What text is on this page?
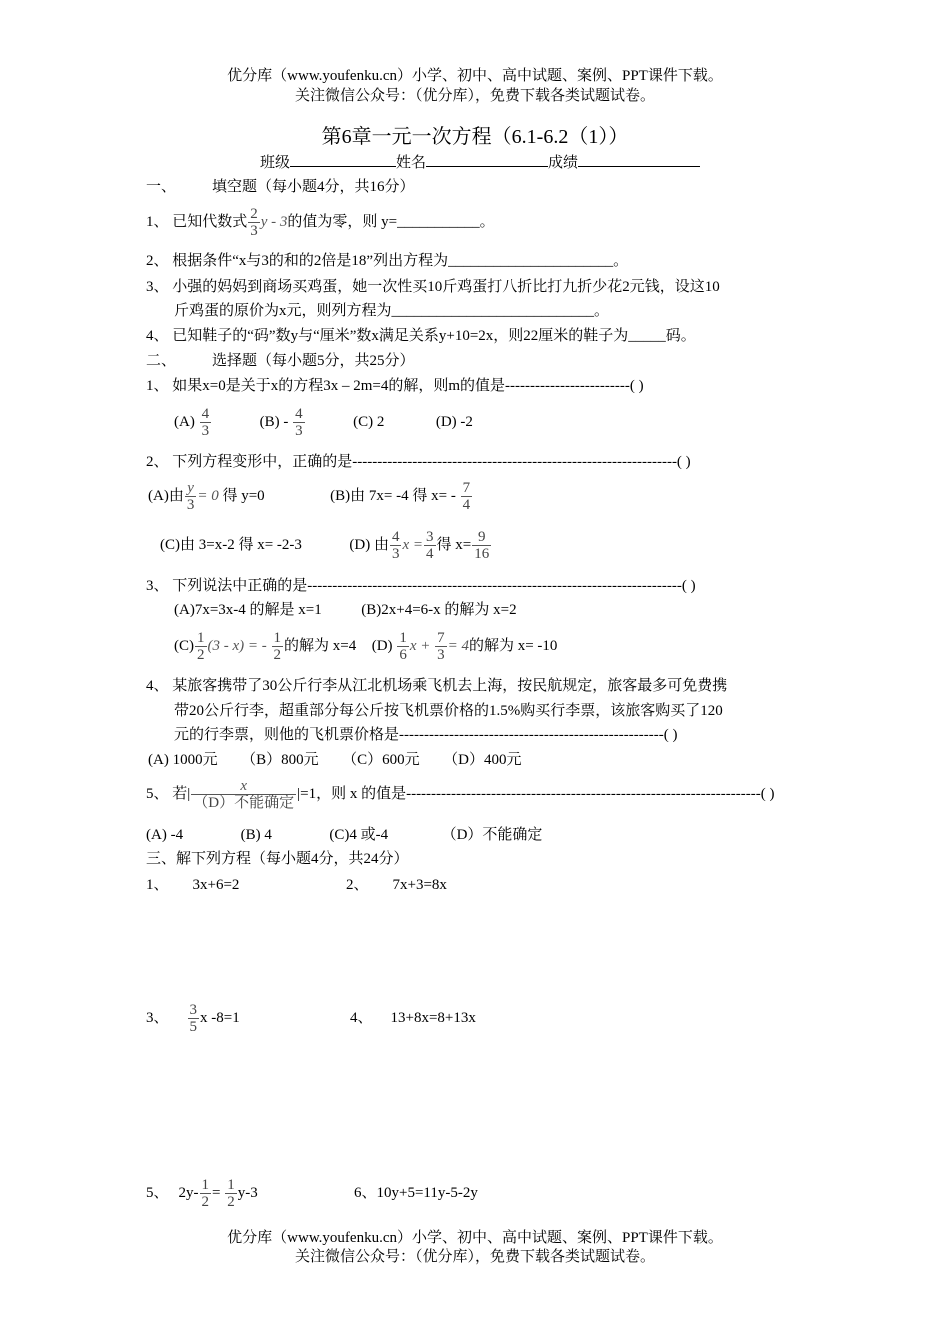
优分库（www.youfenku.cn）小学、初中、高中试题、案例、PPT课件下载。
关注微信公众号：（优分库），免费下载各类试题试卷。
第6章一元一次方程（6.1-6.2（1））
班级	姓名	成绩
一、 填空题（每小题4分，共16分）
1、 已知代数式 $\frac{2}{3}$ y - 3的值为零，则 y=___________。
2、 根据条件“x与3的和的2倍是18”列出方程为______________________。
3、 小强的妈妈到商场买鸡蛋，她一次性买10斤鸡蛋打八折比打九折少花2元钱，设这10
斤鸡蛋的原价为x元，则列方程为___________________________。
4、 已知鞋子的“码”数y与“厘米”数x满足关系y+10=2x，则22厘米的鞋子为_____码。
二、 选择题（每小题5分，共25分）
1、 如果x=0是关于x的方程3x – 2m=4的解，则m的值是-------------------------( )
$(A) \frac{4}{3}$	$(B) - \frac{4}{3}$	(C) 2	(D) -2
2、 下列方程变形中，正确的是-----------------------------------------------------------------( )
(A)由 $\frac{y}{3} = 0$ 得 y=0	(B)由 7x= -4 得 $x= - \frac{7}{4}$
(C)由 3=x-2 得 x= -2-3	(D) 由 $\frac{4}{3}$ $x = \frac{3}{4}$ 得 $x= \frac{9}{16}$
3、 下列说法中正确的是---------------------------------------------------------------------------( )
(A)7x=3x-4 的解是 x=1	(B)2x+4=6-x 的解为 x=2
$(C) \frac{1}{2} (3 - x)$ = - $\frac{1}{2}$ 的解为 x=4 $(D) \frac{1}{6}$ $x + \frac{7}{3} = 4$的解为 x= -10
4、 某旅客携带了30公斤行李从江北机场乘飞机去上海，按民航规定，旅客最多可免费携
带20公斤行李，超重部分每公斤按飞机票价格的1.5%购买行李票，该旅客购买了120
元的行李票，则他的飞机票价格是-----------------------------------------------------( )
(A) 1000元 （B）800元 （C）600元 （D）400元
5、 若|	x
（D）不能确定
|=1，则 x 的值是-----------------------------------------------------------------------( )
(A) -4	(B) 4	(C)4 或-4	（D）不能确定
三、解下列方程（每小题4分，共24分）
1、 3x+6=2	2、 7x+3=8x
3、 $\frac{3}{5}$ x -8=1	4、 13+8x=8+13x
5、 $2y- \frac{1}{2} = \frac{1}{2} y-3$	6、10y+5=11y-5-2y
优分库（www.youfenku.cn）小学、初中、高中试题、案例、PPT课件下载。
关注微信公众号：（优分库），免费下载各类试题试卷。
